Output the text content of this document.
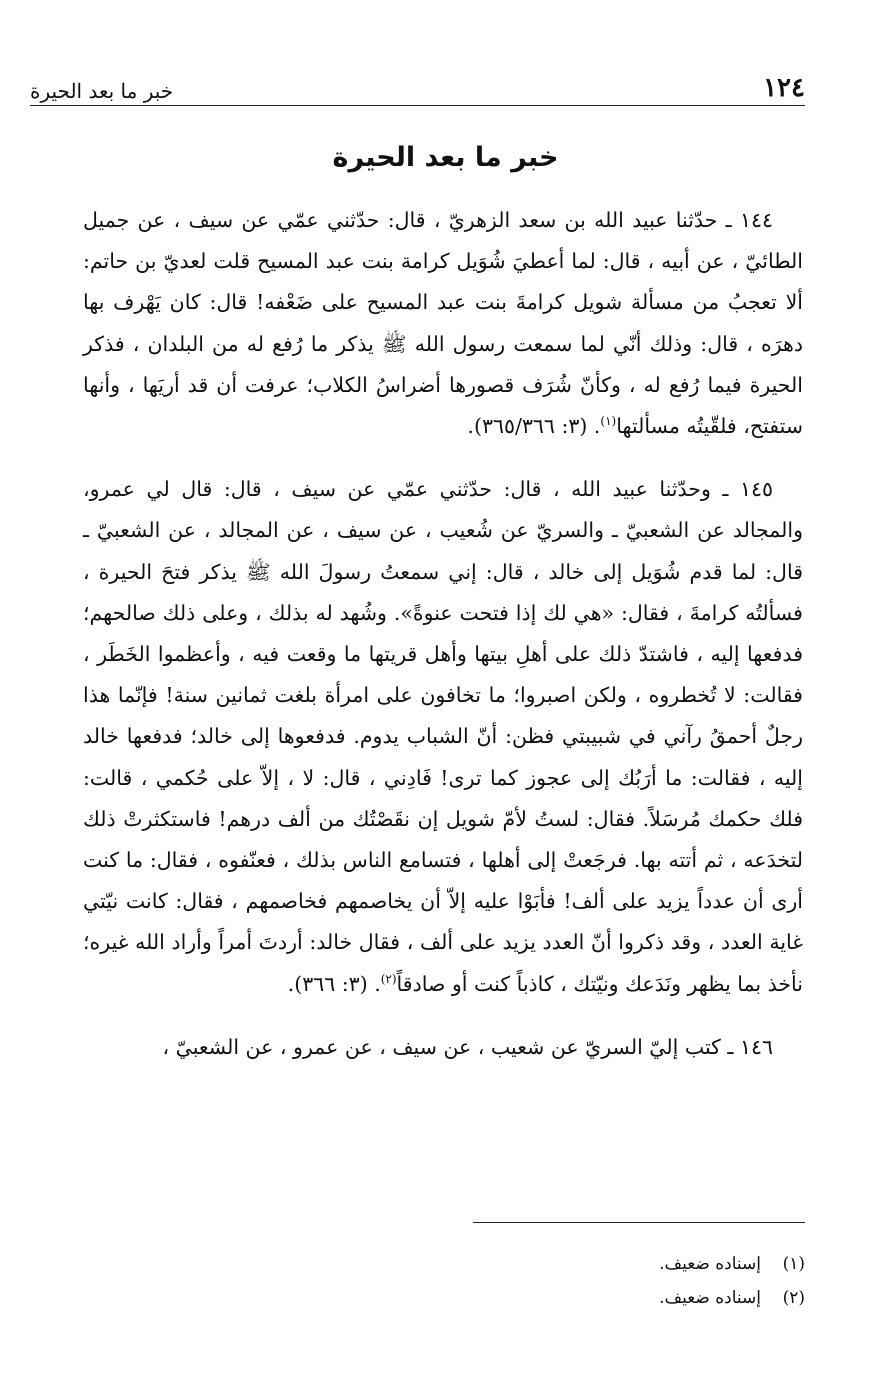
١٢٤
خبر ما بعد الحيرة
خبر ما بعد الحيرة

١٤٤ ـ حدّثنا عبيد الله بن سعد الزهريّ ، قال: حدّثني عمّي عن سيف ، عن جميل الطائيّ ، عن أبيه ، قال: لما أعطيَ شُوَيل كرامة بنت عبد المسيح قلت لعديّ بن حاتم: ألا تعجبُ من مسألة شويل كرامةَ بنت عبد المسيح على ضَعْفه! قال: كان يَهْرف بها دهرَه ، قال: وذلك أنّي لما سمعت رسول الله ﷺ يذكر ما رُفع له من البلدان ، فذكر الحيرة فيما رُفع له ، وكأنّ شُرَف قصورها أضراسُ الكلاب؛ عرفت أن قد أريَها ، وأنها ستفتح، فلقّيتُه مسألتها$^{(١)}$. (٣: ٣٦٥/٣٦٦).

١٤٥ ـ وحدّثنا عبيد الله ، قال: حدّثني عمّي عن سيف ، قال: قال لي عمرو، والمجالد عن الشعبيّ ـ والسريّ عن شُعيب ، عن سيف ، عن المجالد ، عن الشعبيّ ـ قال: لما قدم شُوَيل إلى خالد ، قال: إني سمعتُ رسولَ الله ﷺ يذكر فتحَ الحيرة ، فسألتُه كرامةَ ، فقال: «هي لك إذا فتحت عنوةً». وشُهد له بذلك ، وعلى ذلك صالحهم؛ فدفعها إليه ، فاشتدّ ذلك على أهلِ بيتها وأهل قريتها ما وقعت فيه ، وأعظموا الخَطَر ، فقالت: لا تُخطروه ، ولكن اصبروا؛ ما تخافون على امرأة بلغت ثمانين سنة! فإنّما هذا رجلٌ أحمقُ رآني في شبيبتي فظن: أنّ الشباب يدوم. فدفعوها إلى خالد؛ فدفعها خالد إليه ، فقالت: ما أرَبُك إلى عجوز كما ترى! فَادِني ، قال: لا ، إلاّ على حُكمي ، قالت: فلك حكمك مُرسَلاً. فقال: لستُ لأمّ شويل إن نقَصْتُك من ألف درهم! فاستكثرتْ ذلك لتخدَعه ، ثم أتته بها. فرجَعتْ إلى أهلها ، فتسامع الناس بذلك ، فعنّفوه ، فقال: ما كنت أرى أن عدداً يزيد على ألف! فأبَوْا عليه إلاّ أن يخاصمهم فخاصمهم ، فقال: كانت نيّتي غاية العدد ، وقد ذكروا أنّ العدد يزيد على ألف ، فقال خالد: أردتَ أمراً وأراد الله غيره؛ نأخذ بما يظهر ونَدَعك ونيّتك ، كاذباً كنت أو صادقاً$^{(٢)}$. (٣: ٣٦٦).

١٤٦ ـ كتب إليّ السريّ عن شعيب ، عن سيف ، عن عمرو ، عن الشعبيّ ،

(١)
إسناده ضعيف.
(٢)
إسناده ضعيف.
